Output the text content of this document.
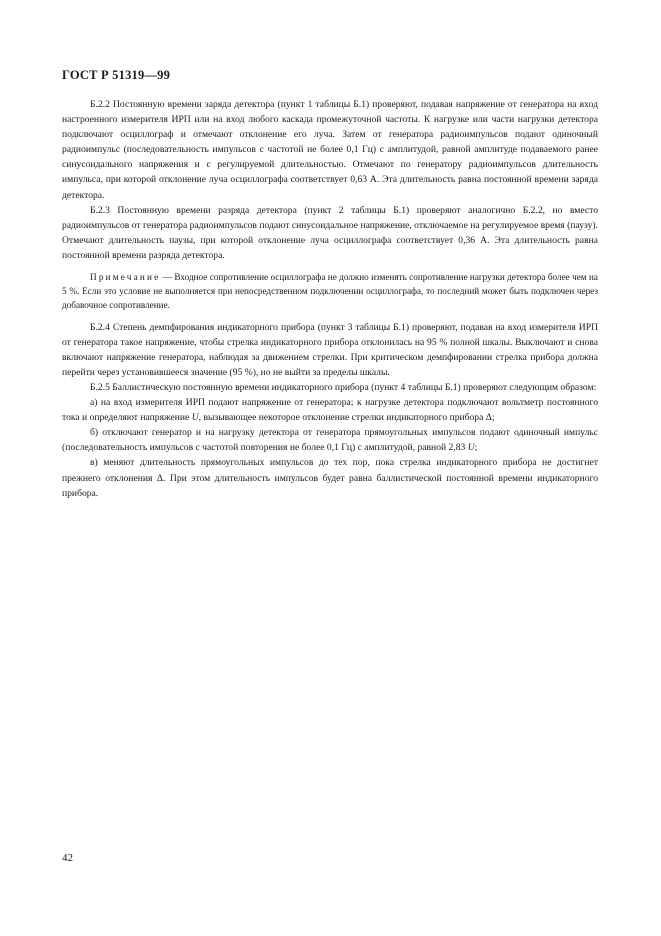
ГОСТ Р 51319—99

Б.2.2 Постоянную времени заряда детектора (пункт 1 таблицы Б.1) проверяют, подавая напряжение от генератора на вход настроенного измерителя ИРП или на вход любого каскада промежуточной частоты. К нагрузке или части нагрузки детектора подключают осциллограф и отмечают отклонение его луча. Затем от генератора радиоимпульсов подают одиночный радиоимпульс (последовательность импульсов с частотой не более 0,1 Гц) с амплитудой, равной амплитуде подаваемого ранее синусоидального напряжения и с регулируемой длительностью. Отмечают по генератору радиоимпульсов длительность импульса, при которой отклонение луча осциллографа соответствует 0,63 A. Эта длительность равна постоянной времени заряда детектора.

Б.2.3 Постоянную времени разряда детектора (пункт 2 таблицы Б.1) проверяют аналогично Б.2.2, но вместо радиоимпульсов от генератора радиоимпульсов подают синусоидальное напряжение, отключаемое на регулируемое время (паузу). Отмечают длительность паузы, при которой отклонение луча осциллографа соответствует 0,36 A. Эта длительность равна постоянной времени разряда детектора.

Примечание — Входное сопротивление осциллографа не должно изменять сопротивление нагрузки детектора более чем на 5 %. Если это условие не выполняется при непосредственном подключении осциллографа, то последний может быть подключен через добавочное сопротивление.

Б.2.4 Степень демпфирования индикаторного прибора (пункт 3 таблицы Б.1) проверяют, подавая на вход измерителя ИРП от генератора такое напряжение, чтобы стрелка индикаторного прибора отклонилась на 95 % полной шкалы. Выключают и снова включают напряжение генератора, наблюдая за движением стрелки. При критическом демпфировании стрелка прибора должна перейти через установившееся значение (95 %), но не выйти за пределы шкалы.

Б.2.5 Баллистическую постоянную времени индикаторного прибора (пункт 4 таблицы Б.1) проверяют следующим образом:

а) на вход измерителя ИРП подают напряжение от генератора; к нагрузке детектора подключают вольтметр постоянного тока и определяют напряжение U, вызывающее некоторое отклонение стрелки индикаторного прибора Δ;

б) отключают генератор и на нагрузку детектора от генератора прямоугольных импульсов подают одиночный импульс (последовательность импульсов с частотой повторения не более 0,1 Гц) с амплитудой, равной 2,83 U;

в) меняют длительность прямоугольных импульсов до тех пор, пока стрелка индикаторного прибора не достигнет прежнего отклонения Δ. При этом длительность импульсов будет равна баллистической постоянной времени индикаторного прибора.

42
